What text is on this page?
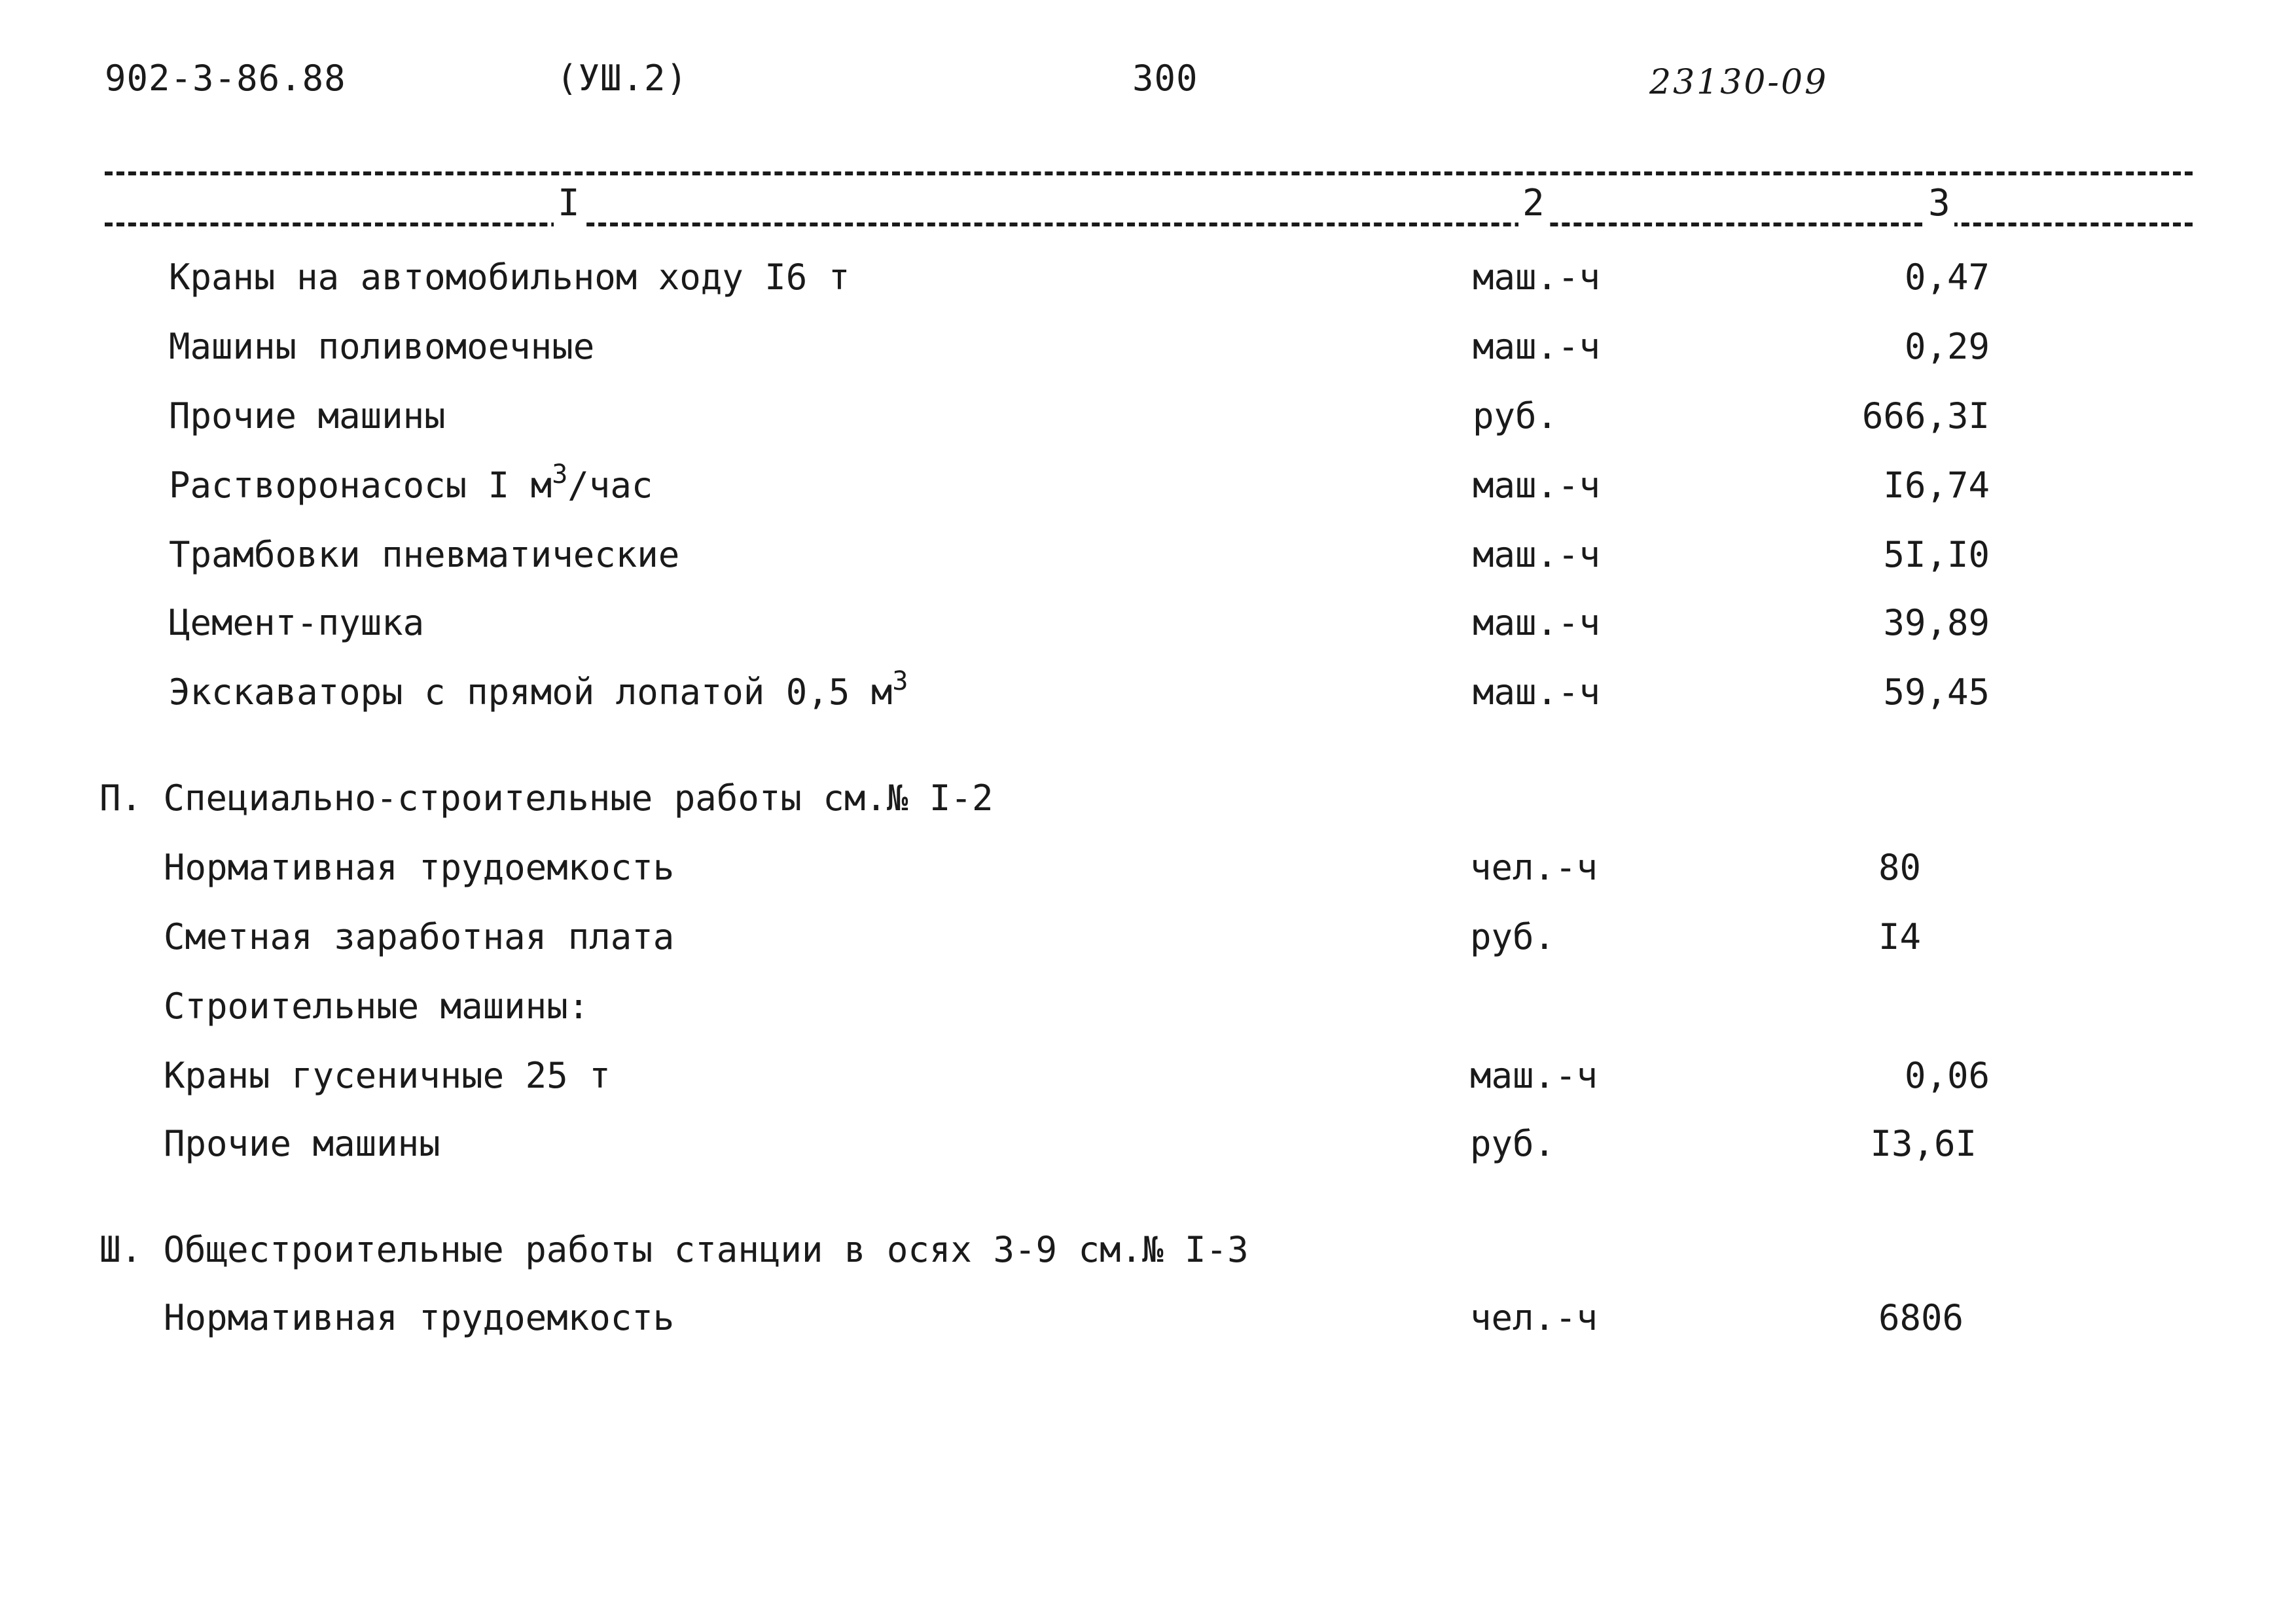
902-3-86.88	(УШ.2)	300	23130-09
I	2	3
Краны на автомобильном ходу I6 т	маш.-ч	0,47
Машины поливомоечные	маш.-ч	0,29
Прочие машины	руб.	666,3I
Растворонасосы I $м^3$/час	маш.-ч	I6,74
Трамбовки пневматические	маш.-ч	5I,I0
Цемент-пушка	маш.-ч	39,89
Экскаваторы с прямой лопатой 0,5 $м^3$	маш.-ч	59,45
П. Специально-строительные работы см.№ I-2
Нормативная трудоемкость	чел.-ч	80
Сметная заработная плата	руб.	I4
Строительные машины:
Краны гусеничные 25 т	маш.-ч	0,06
Прочие машины	руб.	I3,6I
Ш. Общестроительные работы станции в осях 3-9 см.№ I-3
Нормативная трудоемкость	чел.-ч	6806
